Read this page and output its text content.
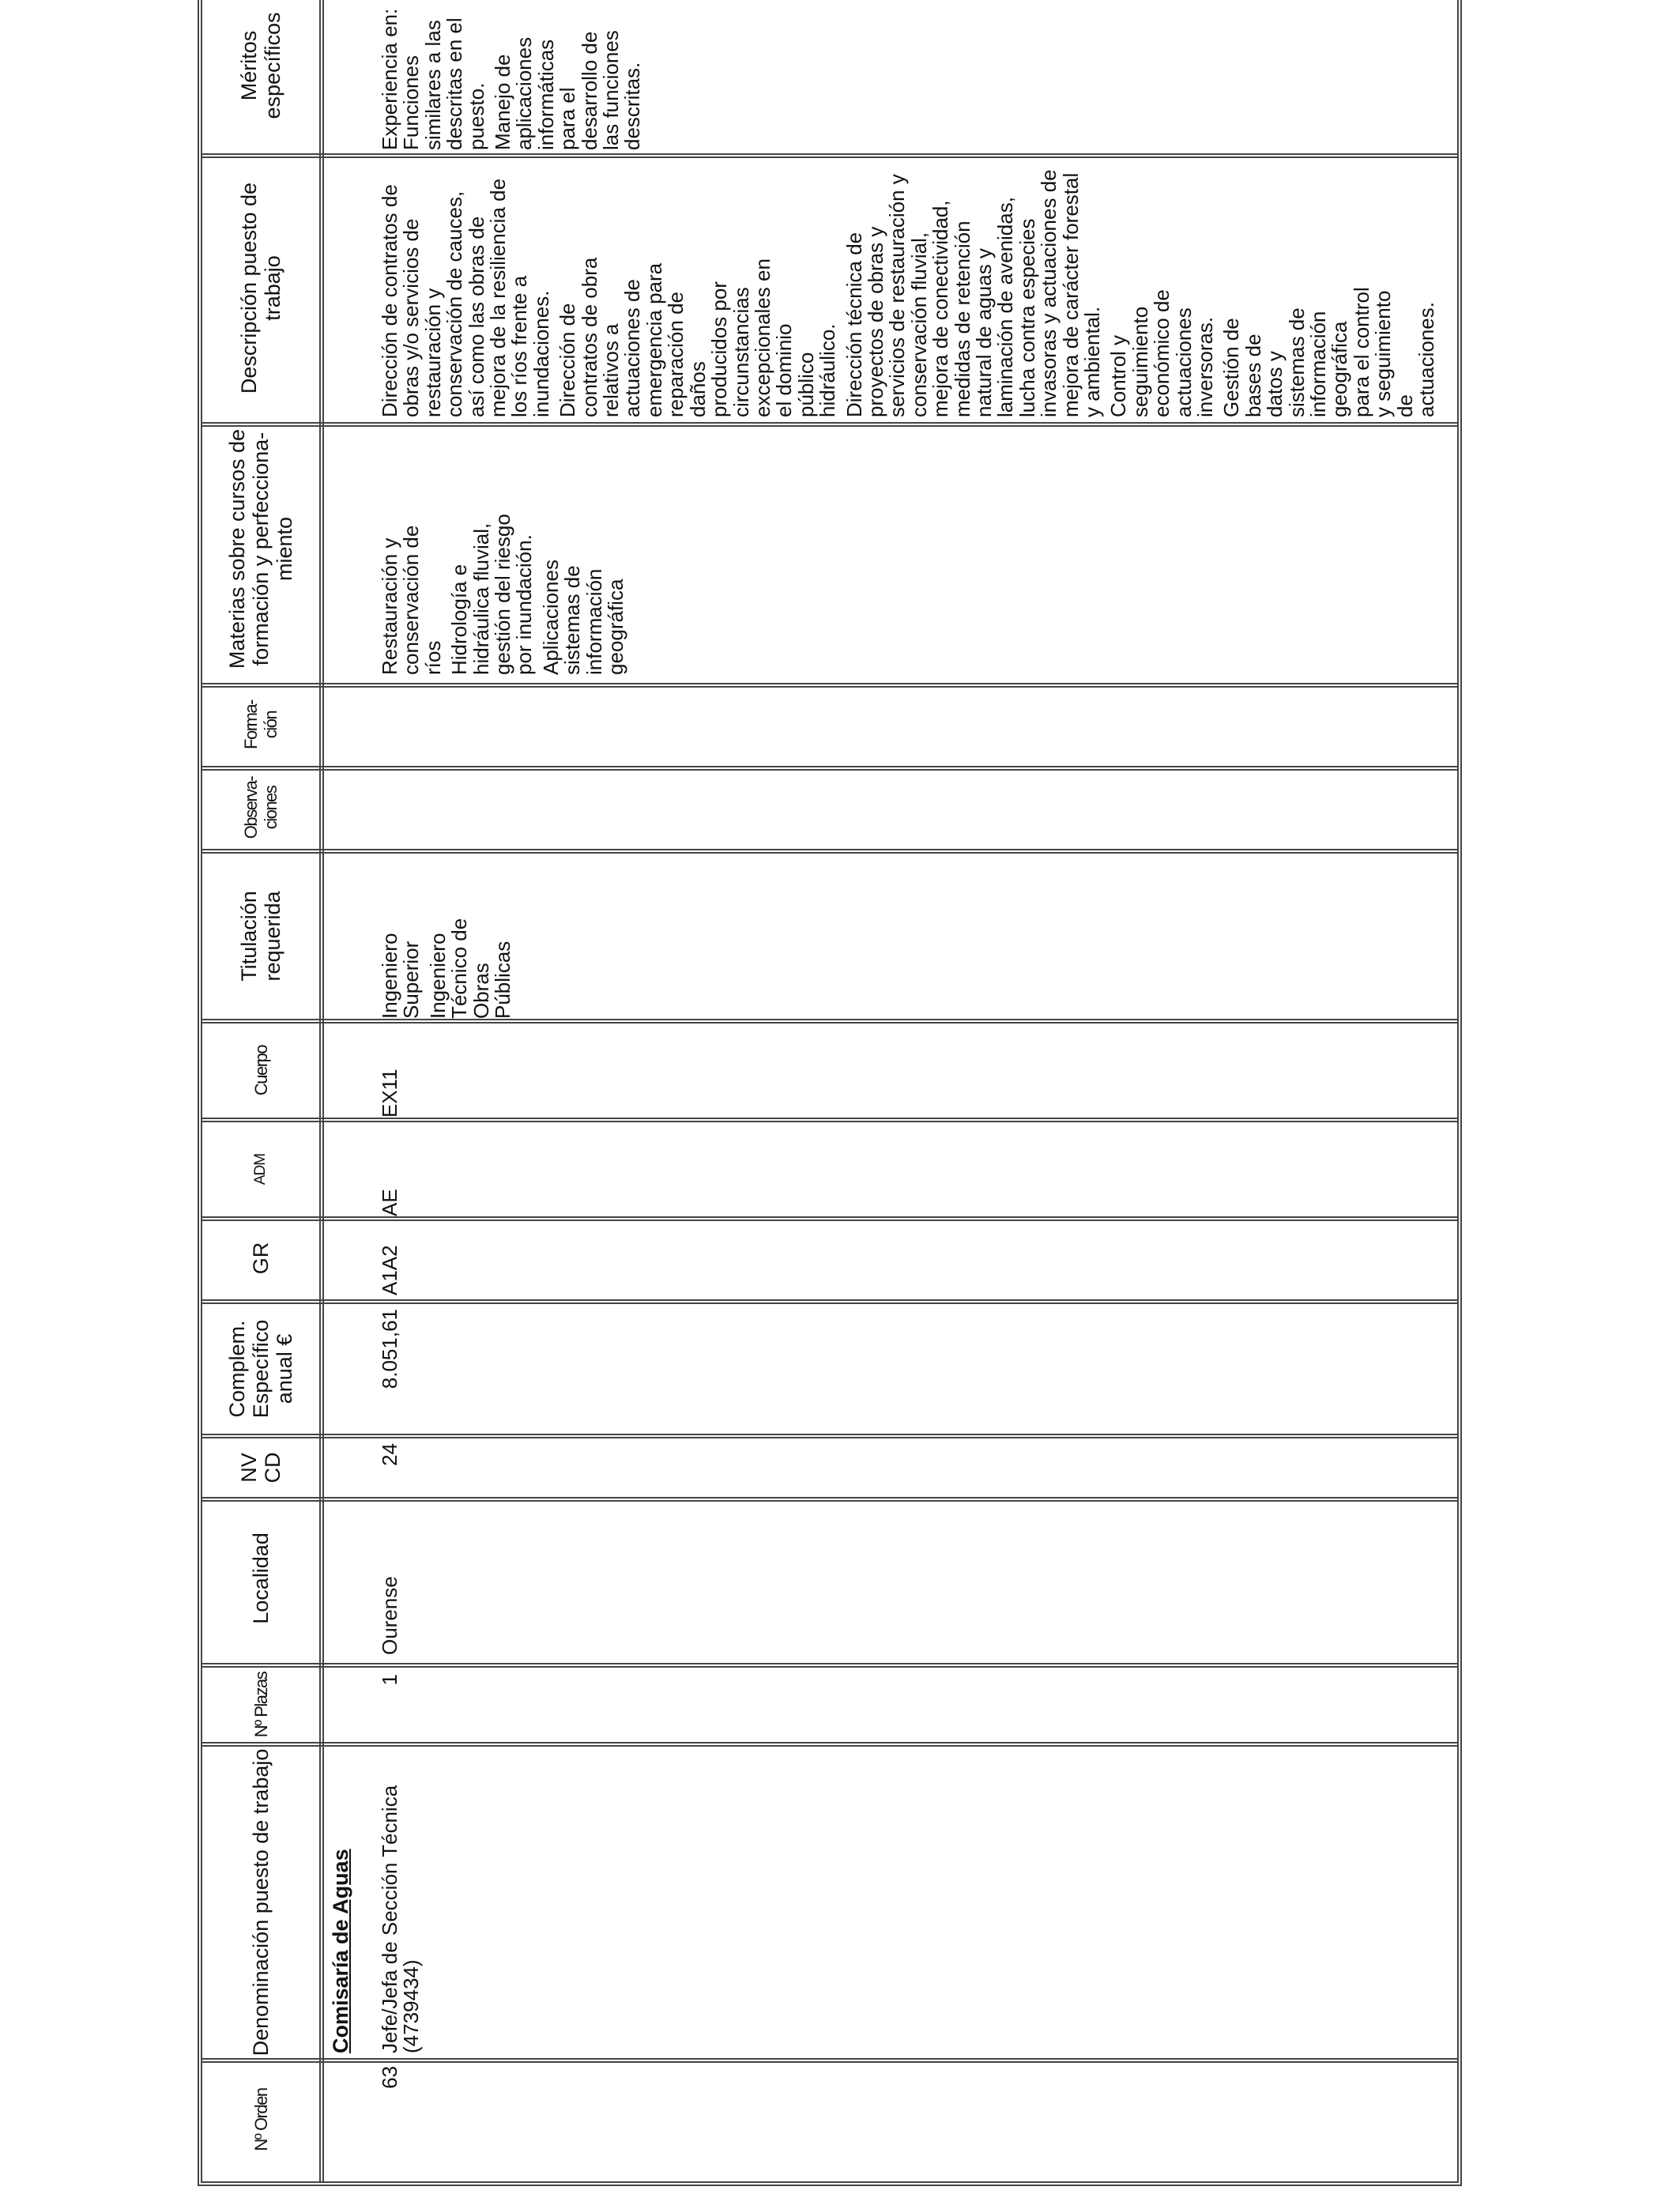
Nº Orden
Denominación puesto de trabajo
Nº Plazas
Localidad
NV CD
Complem. Específico anual €
GR
ADM
Cuerpo
Titulación requerida
Observa-ciones
Forma-ción
Materias sobre cursos de formación y perfecciona-miento
Descripción puesto de trabajo
Méritos específicos
Comisaría de Aguas
63
Jefe/Jefa de Sección Técnica (4739434)
1
Ourense
24
8.051,61
A1A2
AE
EX11

Ingeniero Superior Ingeniero Técnico de Obras Públicas

Restauración y conservación de ríos Hidrología e hidráulica fluvial, gestión del riesgo por inundación. Aplicaciones sistemas de información geográfica

Dirección de contratos de obras y/o servicios de restauración y conservación de cauces, así como las obras de mejora de la resiliencia de los ríos frente a inundaciones. Dirección de contratos de obra relativos a actuaciones de emergencia para reparación de daños producidos por circunstancias excepcionales en el dominio público hidráulico. Dirección técnica de proyectos de obras y servicios de restauración y conservación fluvial, mejora de conectividad, medidas de retención natural de aguas y laminación de avenidas, lucha contra especies invasoras y actuaciones de mejora de carácter forestal y ambiental. Control y seguimiento económico de actuaciones inversoras. Gestión de bases de datos y sistemas de información geográfica para el control y seguimiento de actuaciones.

Experiencia en:

Funciones similares a las descritas en el puesto. Manejo de aplicaciones informáticas para el desarrollo de las funciones descritas.
